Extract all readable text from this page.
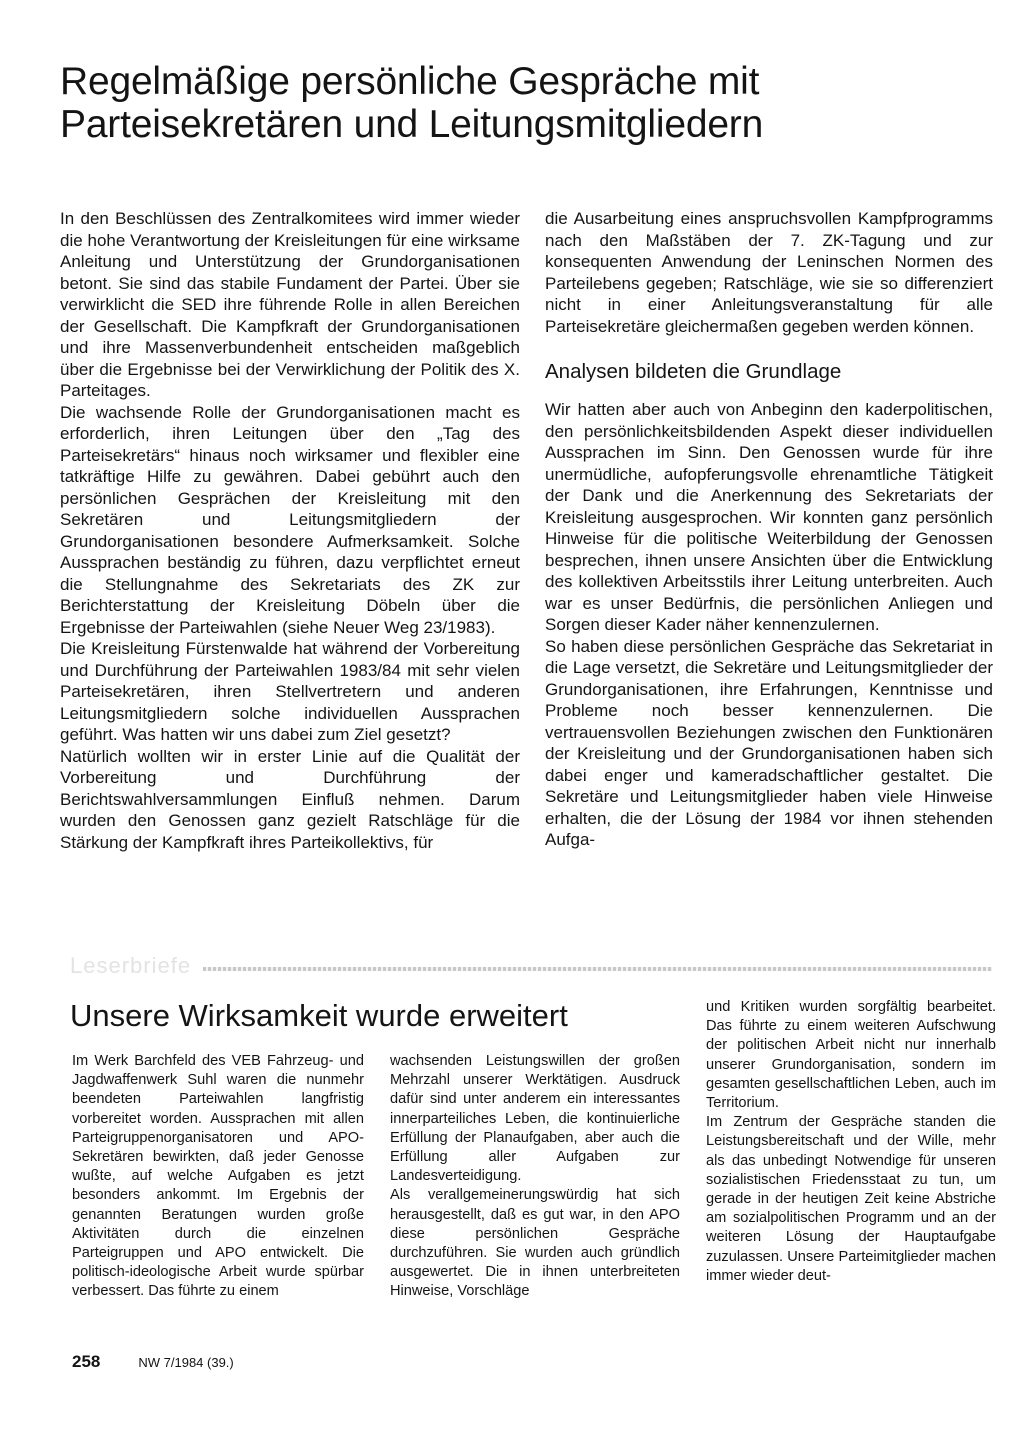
Regelmäßige persönliche Gespräche mit
Parteisekretären und Leitungsmitgliedern

In den Beschlüssen des Zentralkomitees wird immer wieder die hohe Verantwortung der Kreisleitungen für eine wirksame Anleitung und Unterstützung der Grundorganisationen betont. Sie sind das stabile Fundament der Partei. Über sie verwirklicht die SED ihre führende Rolle in allen Bereichen der Gesellschaft. Die Kampfkraft der Grundorganisationen und ihre Massenverbundenheit entscheiden maßgeblich über die Ergebnisse bei der Verwirklichung der Politik des X. Parteitages.

Die wachsende Rolle der Grundorganisationen macht es erforderlich, ihren Leitungen über den „Tag des Parteisekretärs“ hinaus noch wirksamer und flexibler eine tatkräftige Hilfe zu gewähren. Dabei gebührt auch den persönlichen Gesprächen der Kreisleitung mit den Sekretären und Leitungsmitgliedern der Grundorganisationen besondere Aufmerksamkeit. Solche Aussprachen beständig zu führen, dazu verpflichtet erneut die Stellungnahme des Sekretariats des ZK zur Berichterstattung der Kreisleitung Döbeln über die Ergebnisse der Parteiwahlen (siehe Neuer Weg 23/1983).

Die Kreisleitung Fürstenwalde hat während der Vorbereitung und Durchführung der Parteiwahlen 1983/84 mit sehr vielen Parteisekretären, ihren Stellvertretern und anderen Leitungsmitgliedern solche individuellen Aussprachen geführt. Was hatten wir uns dabei zum Ziel gesetzt?

Natürlich wollten wir in erster Linie auf die Qualität der Vorbereitung und Durchführung der Berichtswahlversammlungen Einfluß nehmen. Darum wurden den Genossen ganz gezielt Ratschläge für die Stärkung der Kampfkraft ihres Parteikollektivs, für

die Ausarbeitung eines anspruchsvollen Kampfprogramms nach den Maßstäben der 7. ZK-Tagung und zur konsequenten Anwendung der Leninschen Normen des Parteilebens gegeben; Ratschläge, wie sie so differenziert nicht in einer Anleitungsveranstaltung für alle Parteisekretäre gleichermaßen gegeben werden können.

Analysen bildeten die Grundlage

Wir hatten aber auch von Anbeginn den kaderpolitischen, den persönlichkeitsbildenden Aspekt dieser individuellen Aussprachen im Sinn. Den Genossen wurde für ihre unermüdliche, aufopferungsvolle ehrenamtliche Tätigkeit der Dank und die Anerkennung des Sekretariats der Kreisleitung ausgesprochen. Wir konnten ganz persönlich Hinweise für die politische Weiterbildung der Genossen besprechen, ihnen unsere Ansichten über die Entwicklung des kollektiven Arbeitsstils ihrer Leitung unterbreiten. Auch war es unser Bedürfnis, die persönlichen Anliegen und Sorgen dieser Kader näher kennenzulernen.

So haben diese persönlichen Gespräche das Sekretariat in die Lage versetzt, die Sekretäre und Leitungsmitglieder der Grundorganisationen, ihre Erfahrungen, Kenntnisse und Probleme noch besser kennenzulernen. Die vertrauensvollen Beziehungen zwischen den Funktionären der Kreisleitung und der Grundorganisationen haben sich dabei enger und kameradschaftlicher gestaltet. Die Sekretäre und Leitungsmitglieder haben viele Hinweise erhalten, die der Lösung der 1984 vor ihnen stehenden Aufga-

Leserbriefe
Unsere Wirksamkeit wurde erweitert

Im Werk Barchfeld des VEB Fahrzeug- und Jagdwaffenwerk Suhl waren die nunmehr beendeten Parteiwahlen langfristig vorbereitet worden. Aussprachen mit allen Parteigruppenorganisatoren und APO-Sekretären bewirkten, daß jeder Genosse wußte, auf welche Aufgaben es jetzt besonders ankommt. Im Ergebnis der genannten Beratungen wurden große Aktivitäten durch die einzelnen Parteigruppen und APO entwickelt. Die politisch-ideologische Arbeit wurde spürbar verbessert. Das führte zu einem

wachsenden Leistungswillen der großen Mehrzahl unserer Werktätigen. Ausdruck dafür sind unter anderem ein interessantes innerparteiliches Leben, die kontinuierliche Erfüllung der Planaufgaben, aber auch die Erfüllung aller Aufgaben zur Landesverteidigung.

Als verallgemeinerungswürdig hat sich herausgestellt, daß es gut war, in den APO diese persönlichen Gespräche durchzuführen. Sie wurden auch gründlich ausgewertet. Die in ihnen unterbreiteten Hinweise, Vorschläge

und Kritiken wurden sorgfältig bearbeitet. Das führte zu einem weiteren Aufschwung der politischen Arbeit nicht nur innerhalb unserer Grundorganisation, sondern im gesamten gesellschaftlichen Leben, auch im Territorium.

Im Zentrum der Gespräche standen die Leistungsbereitschaft und der Wille, mehr als das unbedingt Notwendige für unseren sozialistischen Friedensstaat zu tun, um gerade in der heutigen Zeit keine Abstriche am sozialpolitischen Programm und an der weiteren Lösung der Hauptaufgabe zuzulassen. Unsere Parteimitglieder machen immer wieder deut-

258	NW 7/1984 (39.)
